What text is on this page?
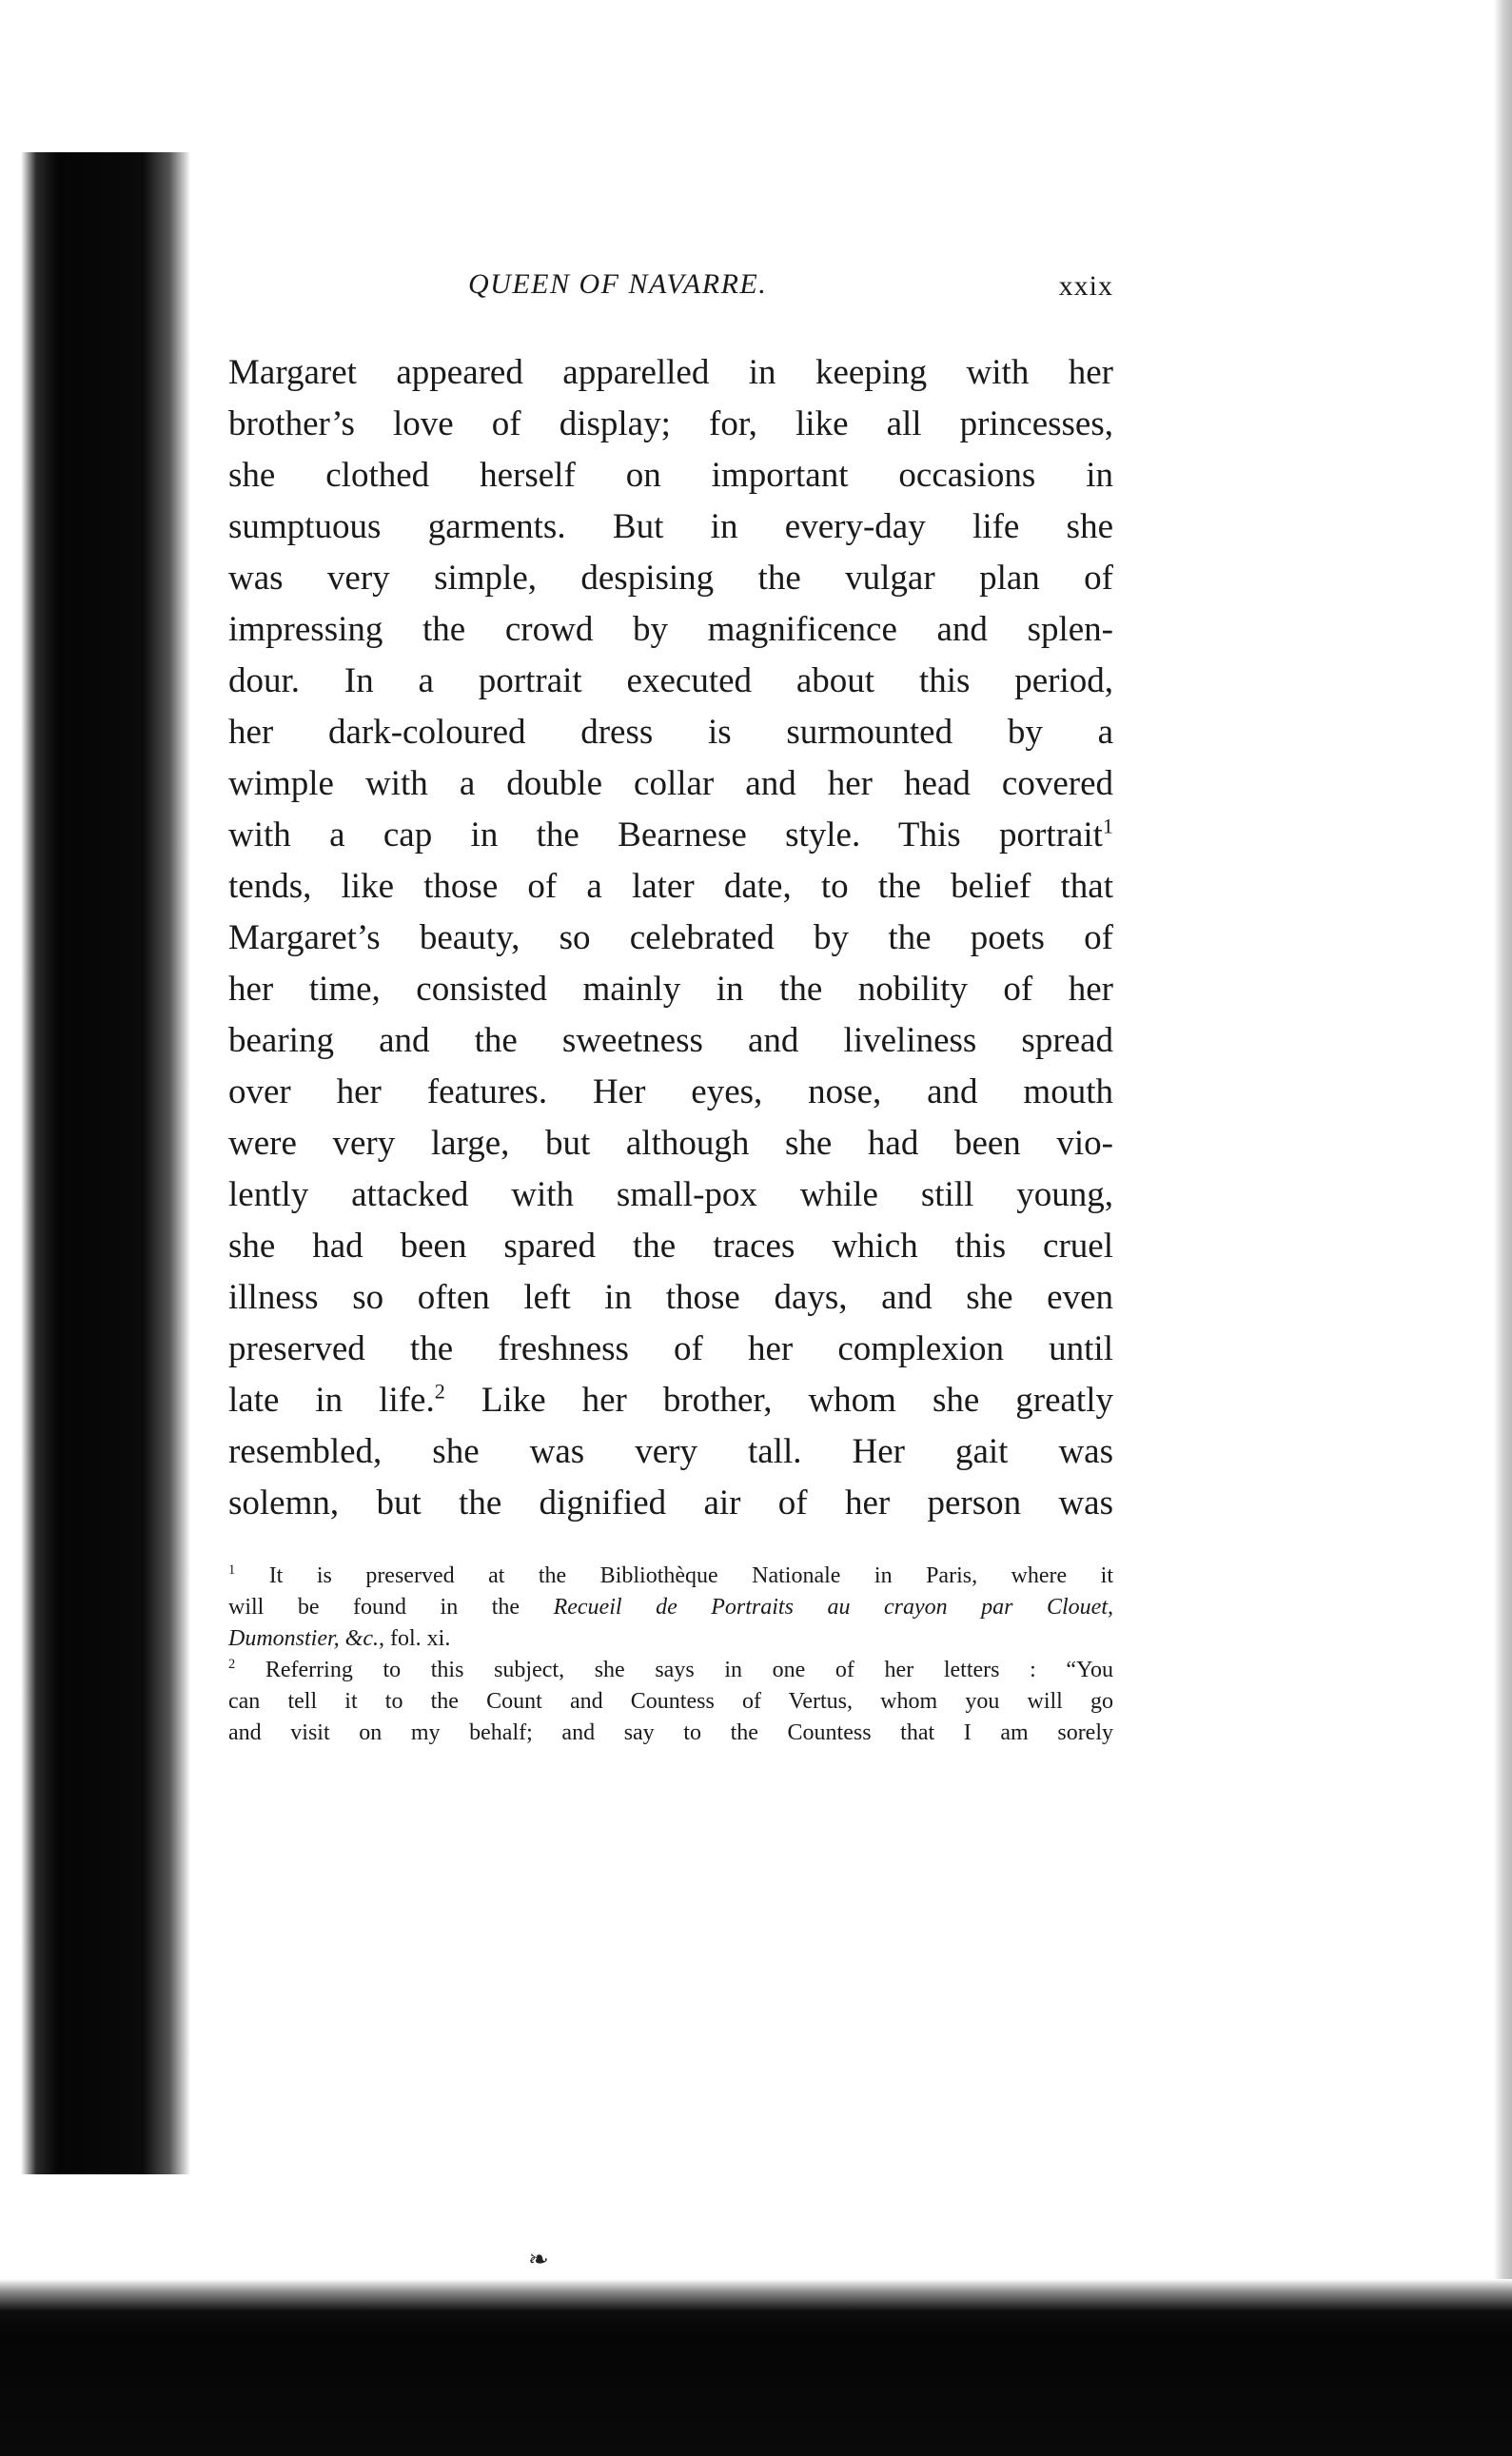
QUEEN OF NAVARRE.	xxix
Margaret appeared apparelled in keeping with her
brother’s love of display; for, like all princesses,
she clothed herself on important occasions in
sumptuous garments. But in every-day life she
was very simple, despising the vulgar plan of
impressing the crowd by magnificence and splen-
dour. In a portrait executed about this period,
her dark-coloured dress is surmounted by a
wimple with a double collar and her head covered
with a cap in the Bearnese style. This portrait$^1$
tends, like those of a later date, to the belief that
Margaret’s beauty, so celebrated by the poets of
her time, consisted mainly in the nobility of her
bearing and the sweetness and liveliness spread
over her features. Her eyes, nose, and mouth
were very large, but although she had been vio-
lently attacked with small-pox while still young,
she had been spared the traces which this cruel
illness so often left in those days, and she even
preserved the freshness of her complexion until
late in life.$^2$ Like her brother, whom she greatly
resembled, she was very tall. Her gait was
solemn, but the dignified air of her person was
$^1$ It is preserved at the Bibliothèque Nationale in Paris, where it
will be found in the Recueil de Portraits au crayon par Clouet,
Dumonstier, &c., fol. xi.
$^2$ Referring to this subject, she says in one of her letters : “You
can tell it to the Count and Countess of Vertus, whom you will go
and visit on my behalf; and say to the Countess that I am sorely
❧
